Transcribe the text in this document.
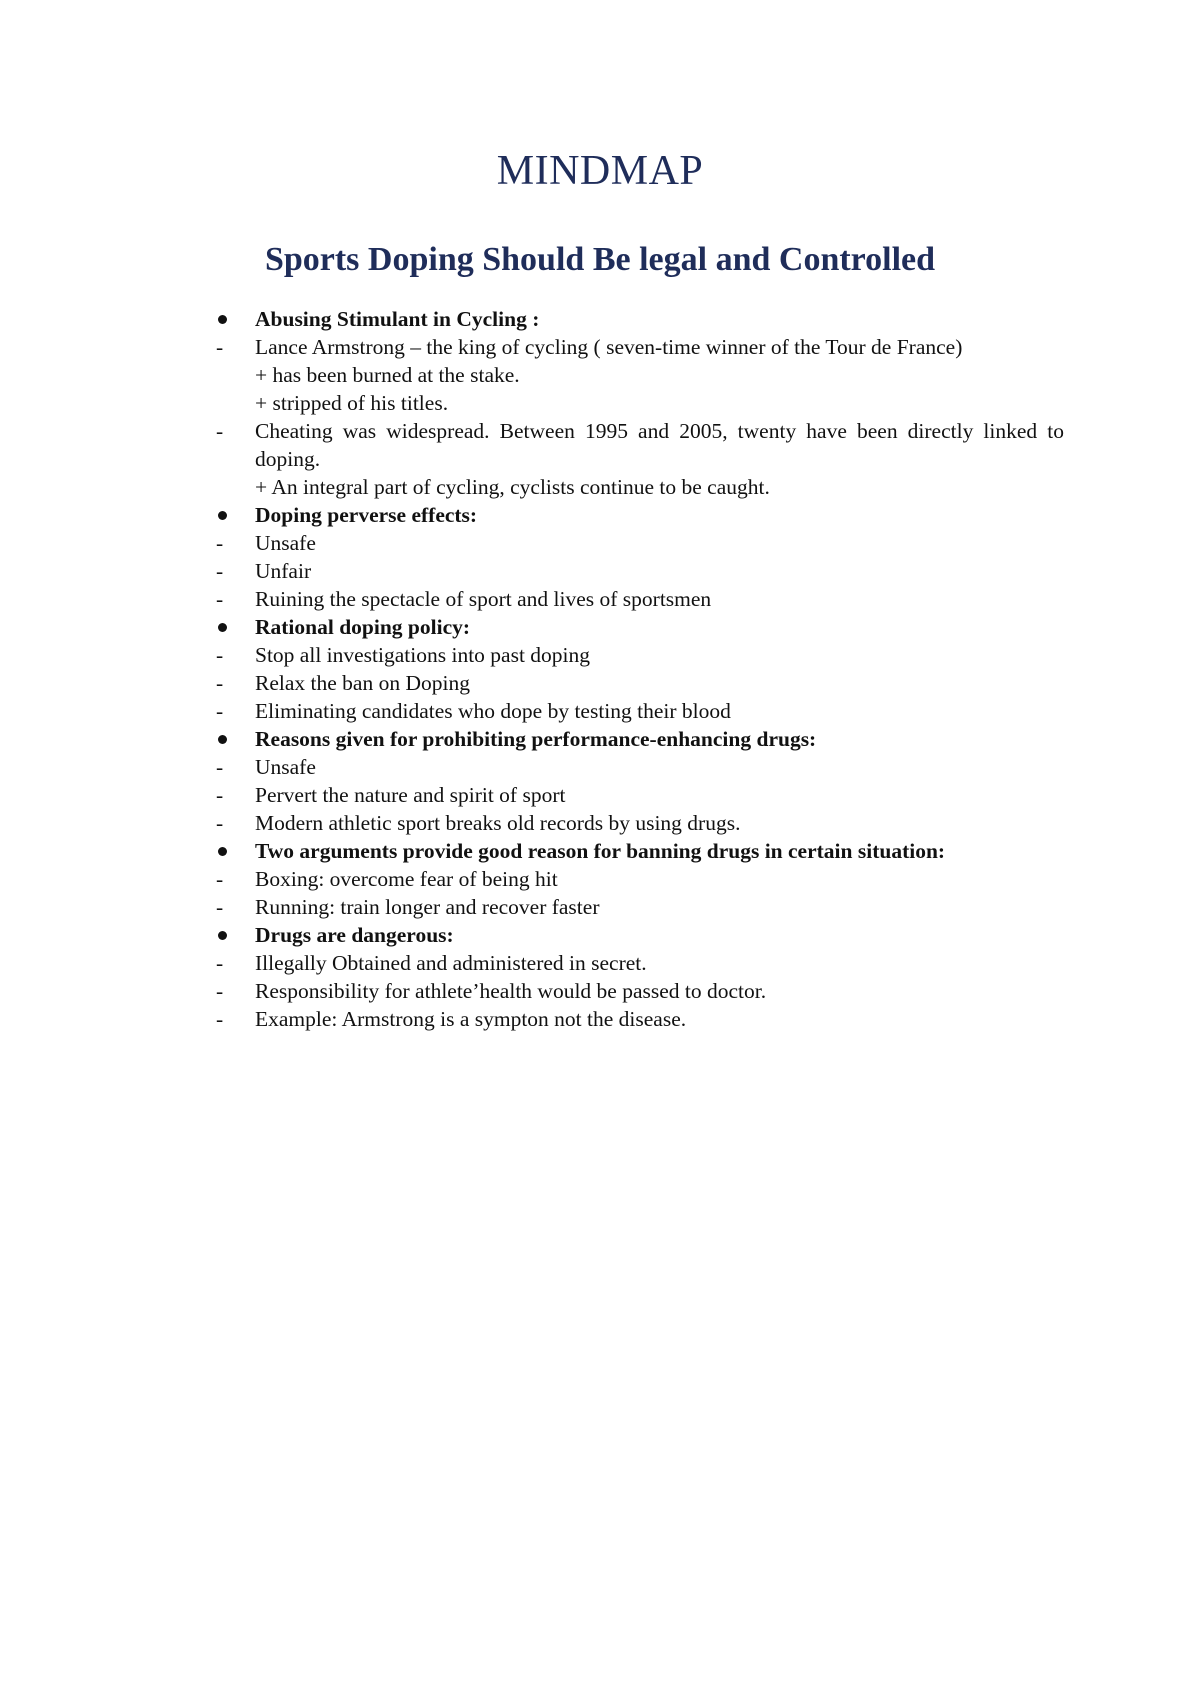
MINDMAP
Sports Doping Should Be legal and Controlled
Abusing Stimulant in Cycling :
-	Lance Armstrong – the king of cycling ( seven-time winner of the Tour de France)
+ has been burned at the stake.
+ stripped of his titles.
-	Cheating was widespread. Between 1995 and 2005, twenty have been directly linked to doping.
+ An integral part of cycling, cyclists continue to be caught.
Doping perverse effects:
-	Unsafe
-	Unfair
-	Ruining the spectacle of sport and lives of sportsmen
Rational doping policy:
-	Stop all investigations into past doping
-	Relax the ban on Doping
-	Eliminating candidates who dope by testing their blood
Reasons given for prohibiting performance-enhancing drugs:
-	Unsafe
-	Pervert the nature and spirit of sport
-	Modern athletic sport breaks old records by using drugs.
Two arguments provide good reason for banning drugs in certain situation:
-	Boxing: overcome fear of being hit
-	Running: train longer and recover faster
Drugs are dangerous:
-	Illegally Obtained and administered in secret.
-	Responsibility for athlete’health would be passed to doctor.
-	Example: Armstrong is a sympton not the disease.
